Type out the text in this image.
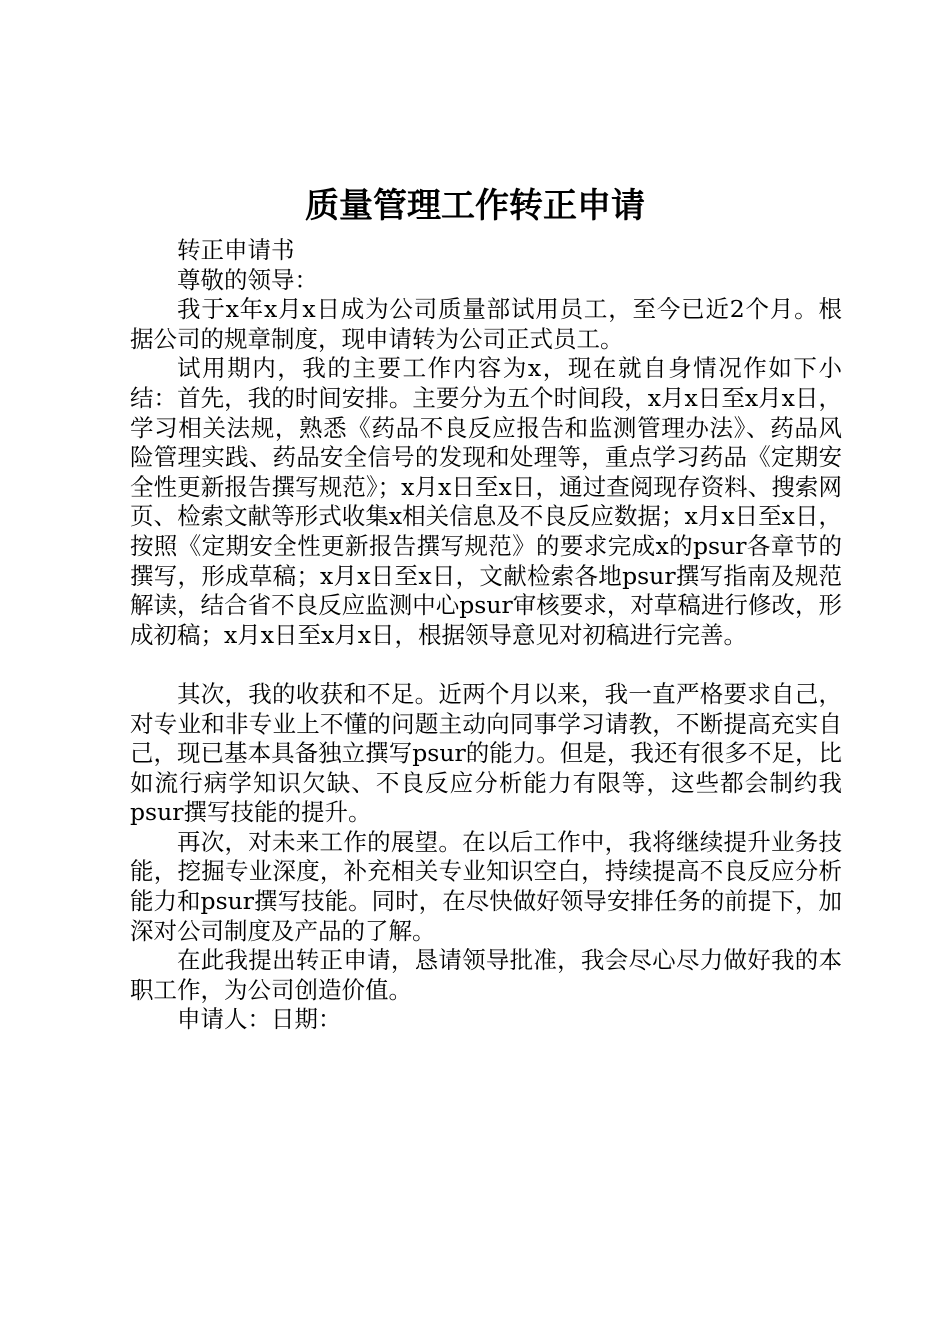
质量管理工作转正申请

转正申请书

尊敬的领导：

我于x年x月x日成为公司质量部试用员工，至今已近2个月。根据公司的规章制度，现申请转为公司正式员工。

试用期内，我的主要工作内容为x，现在就自身情况作如下小结：首先，我的时间安排。主要分为五个时间段，x月x日至x月x日，学习相关法规，熟悉《药品不良反应报告和监测管理办法》、药品风险管理实践、药品安全信号的发现和处理等，重点学习药品《定期安全性更新报告撰写规范》；x月x日至x日，通过查阅现存资料、搜索网页、检索文献等形式收集x相关信息及不良反应数据；x月x日至x日，按照《定期安全性更新报告撰写规范》的要求完成x的psur各章节的撰写，形成草稿；x月x日至x日，文献检索各地psur撰写指南及规范解读，结合省不良反应监测中心psur审核要求，对草稿进行修改，形成初稿；x月x日至x月x日，根据领导意见对初稿进行完善。

其次，我的收获和不足。近两个月以来，我一直严格要求自己，对专业和非专业上不懂的问题主动向同事学习请教，不断提高充实自己，现已基本具备独立撰写psur的能力。但是，我还有很多不足，比如流行病学知识欠缺、不良反应分析能力有限等，这些都会制约我psur撰写技能的提升。

再次，对未来工作的展望。在以后工作中，我将继续提升业务技能，挖掘专业深度，补充相关专业知识空白，持续提高不良反应分析能力和psur撰写技能。同时，在尽快做好领导安排任务的前提下，加深对公司制度及产品的了解。

在此我提出转正申请，恳请领导批准，我会尽心尽力做好我的本职工作，为公司创造价值。

申请人：日期：
